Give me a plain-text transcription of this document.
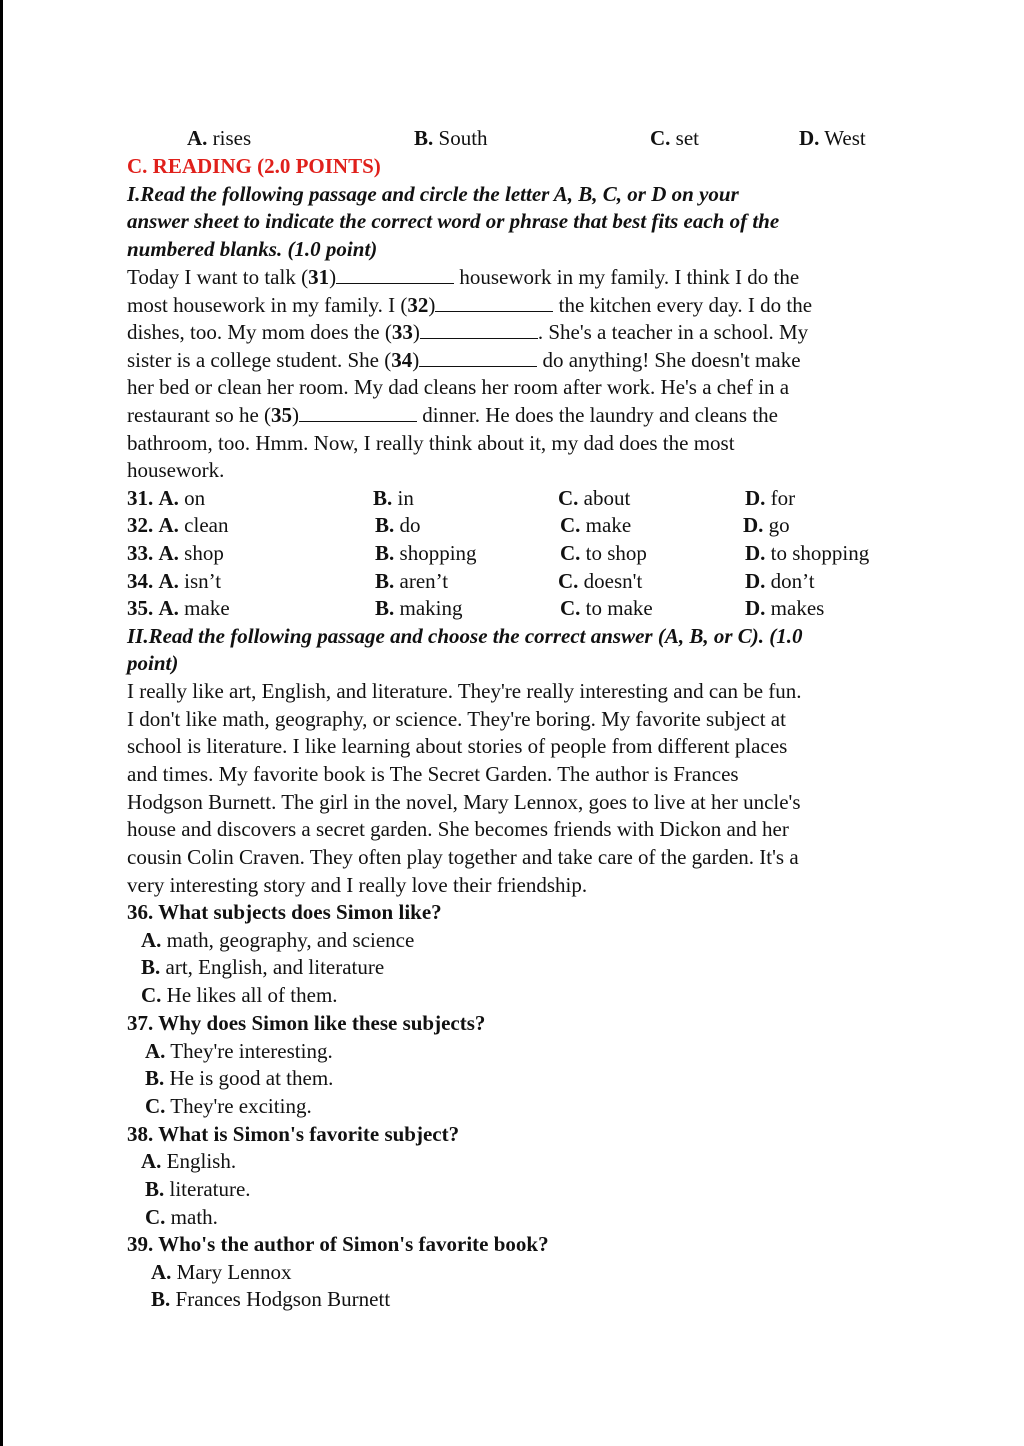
A. rises	B. South	C. set	D. West
C. READING (2.0 POINTS)
I.Read the following passage and circle the letter A, B, C, or D on your
answer sheet to indicate the correct word or phrase that best fits each of the
numbered blanks. (1.0 point)
Today I want to talk (31)	housework in my family. I think I do the
most housework in my family. I (32)	the kitchen every day. I do the
dishes, too. My mom does the (33)	. She's a teacher in a school. My
sister is a college student. She (34)	do anything! She doesn't make
her bed or clean her room. My dad cleans her room after work. He's a chef in a
restaurant so he (35)	dinner. He does the laundry and cleans the
bathroom, too. Hmm. Now, I really think about it, my dad does the most
housework.
31. A. on	B. in	C. about	D. for
32. A. clean	B. do	C. make	D. go
33. A. shop	B. shopping	C. to shop	D. to shopping
34. A. isn’t	B. aren’t	C. doesn't	D. don’t
35. A. make	B. making	C. to make	D. makes
II.Read the following passage and choose the correct answer (A, B, or C). (1.0
point)
I really like art, English, and literature. They're really interesting and can be fun.
I don't like math, geography, or science. They're boring. My favorite subject at
school is literature. I like learning about stories of people from different places
and times. My favorite book is The Secret Garden. The author is Frances
Hodgson Burnett. The girl in the novel, Mary Lennox, goes to live at her uncle's
house and discovers a secret garden. She becomes friends with Dickon and her
cousin Colin Craven. They often play together and take care of the garden. It's a
very interesting story and I really love their friendship.
36. What subjects does Simon like?
A. math, geography, and science
B. art, English, and literature
C. He likes all of them.
37. Why does Simon like these subjects?
A. They're interesting.
B. He is good at them.
C. They're exciting.
38. What is Simon's favorite subject?
A. English.
B. literature.
C. math.
39. Who's the author of Simon's favorite book?
A. Mary Lennox
B. Frances Hodgson Burnett
